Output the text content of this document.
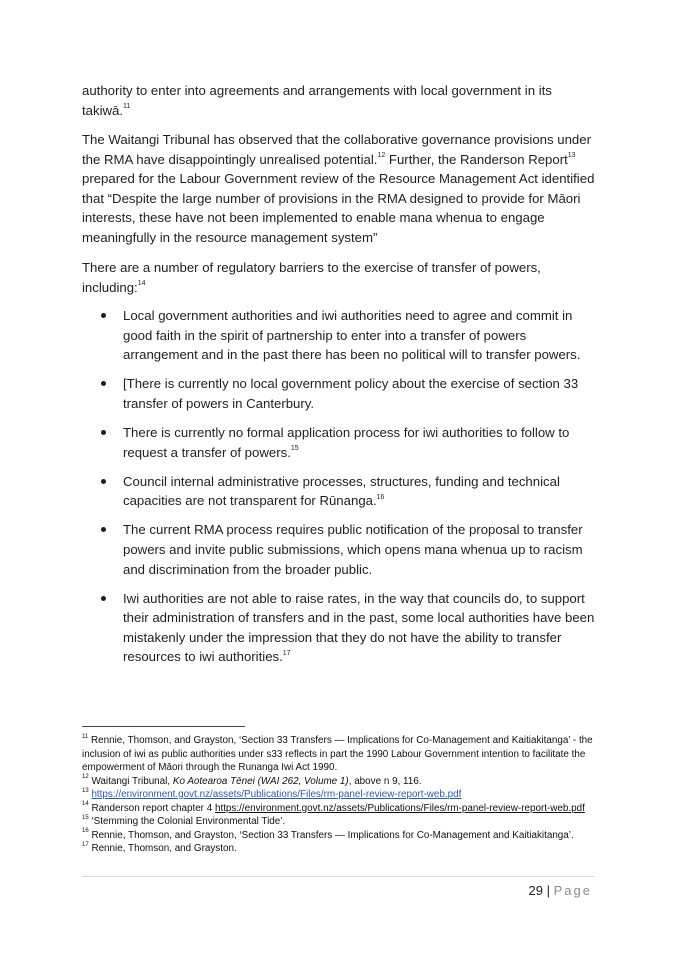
authority to enter into agreements and arrangements with local government in its takiwā.$^{11}$

The Waitangi Tribunal has observed that the collaborative governance provisions under the RMA have disappointingly unrealised potential.$^{12}$ Further, the Randerson Report$^{13}$ prepared for the Labour Government review of the Resource Management Act identified that “Despite the large number of provisions in the RMA designed to provide for Māori interests, these have not been implemented to enable mana whenua to engage meaningfully in the resource management system”

There are a number of regulatory barriers to the exercise of transfer of powers, including:$^{14}$

Local government authorities and iwi authorities need to agree and commit in good faith in the spirit of partnership to enter into a transfer of powers arrangement and in the past there has been no political will to transfer powers.
[There is currently no local government policy about the exercise of section 33 transfer of powers in Canterbury.
There is currently no formal application process for iwi authorities to follow to request a transfer of powers.$^{15}$
Council internal administrative processes, structures, funding and technical capacities are not transparent for Rūnanga.$^{16}$
The current RMA process requires public notification of the proposal to transfer powers and invite public submissions, which opens mana whenua up to racism and discrimination from the broader public.
Iwi authorities are not able to raise rates, in the way that councils do, to support their administration of transfers and in the past, some local authorities have been mistakenly under the impression that they do not have the ability to transfer resources to iwi authorities.$^{17}$
$^{11}$ Rennie, Thomson, and Grayston, ‘Section 33 Transfers — Implications for Co-Management and Kaitiakitanga’ - the inclusion of iwi as public authorities under s33 reflects in part the 1990 Labour Government intention to facilitate the empowerment of Māori through the Runanga Iwi Act 1990.
$^{12}$ Waitangi Tribunal, Ko Aotearoa Tēnei (WAI 262, Volume 1), above n 9, 116.
$^{13}$ https://environment.govt.nz/assets/Publications/Files/rm-panel-review-report-web.pdf
$^{14}$ Randerson report chapter 4 https://environment.govt.nz/assets/Publications/Files/rm-panel-review-report-web.pdf
$^{15}$ ‘Stemming the Colonial Environmental Tide’.
$^{16}$ Rennie, Thomson, and Grayston, ‘Section 33 Transfers — Implications for Co-Management and Kaitiakitanga’.
$^{17}$ Rennie, Thomson, and Grayston.
29 | Page
